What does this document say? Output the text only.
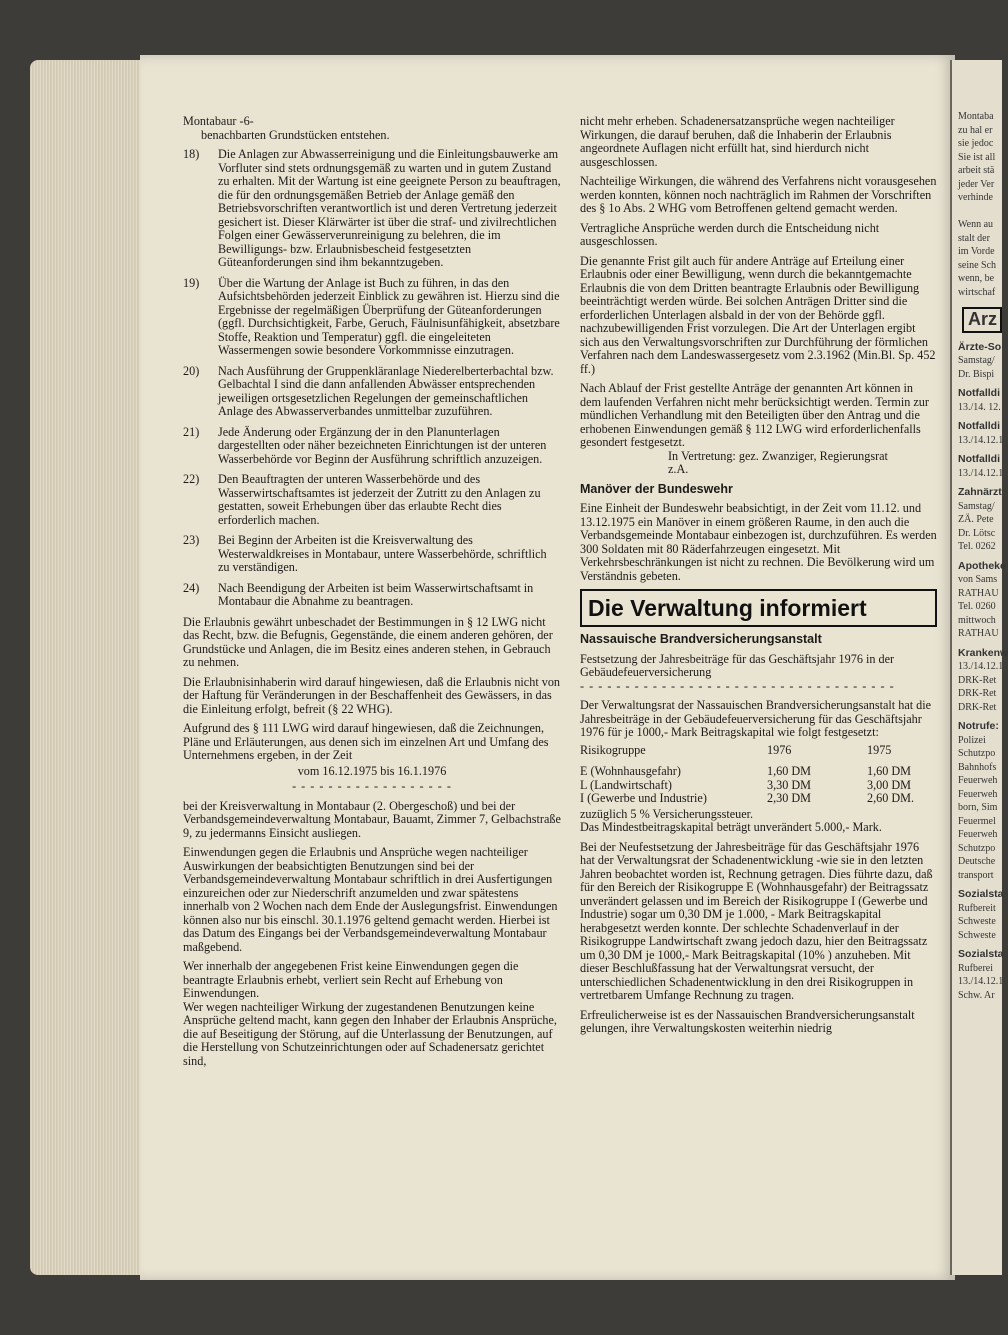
Montabaur -6-

benachbarten Grundstücken entstehen.

18)	Die Anlagen zur Abwasserreinigung und die Einleitungsbauwerke am Vorfluter sind stets ordnungsgemäß zu warten und in gutem Zustand zu erhalten. Mit der Wartung ist eine geeignete Person zu beauftragen, die für den ordnungsgemäßen Betrieb der Anlage gemäß den Betriebsvorschriften verantwortlich ist und deren Vertretung jederzeit gesichert ist. Dieser Klärwärter ist über die straf- und zivilrechtlichen Folgen einer Gewässerverunreinigung zu belehren, die im Bewilligungs- bzw. Erlaubnisbescheid festgesetzten Güteanforderungen sind ihm bekanntzugeben.
19)	Über die Wartung der Anlage ist Buch zu führen, in das den Aufsichtsbehörden jederzeit Einblick zu gewähren ist. Hierzu sind die Ergebnisse der regelmäßigen Überprüfung der Güteanforderungen (ggfl. Durchsichtigkeit, Farbe, Geruch, Fäulnisunfähigkeit, absetzbare Stoffe, Reaktion und Temperatur) ggfl. die eingeleiteten Wassermengen sowie besondere Vorkommnisse einzutragen.
20)	Nach Ausführung der Gruppenkläranlage Niederelberterbachtal bzw. Gelbachtal I sind die dann anfallenden Abwässer entsprechenden jeweiligen ortsgesetzlichen Regelungen der gemeinschaftlichen Anlage des Abwasserverbandes unmittelbar zuzuführen.
21)	Jede Änderung oder Ergänzung der in den Planunterlagen dargestellten oder näher bezeichneten Einrichtungen ist der unteren Wasserbehörde vor Beginn der Ausführung schriftlich anzuzeigen.
22)	Den Beauftragten der unteren Wasserbehörde und des Wasserwirtschaftsamtes ist jederzeit der Zutritt zu den Anlagen zu gestatten, soweit Erhebungen über das erlaubte Recht dies erforderlich machen.
23)	Bei Beginn der Arbeiten ist die Kreisverwaltung des Westerwaldkreises in Montabaur, untere Wasserbehörde, schriftlich zu verständigen.
24)	Nach Beendigung der Arbeiten ist beim Wasserwirtschaftsamt in Montabaur die Abnahme zu beantragen.

Die Erlaubnis gewährt unbeschadet der Bestimmungen in § 12 LWG nicht das Recht, bzw. die Befugnis, Gegenstände, die einem anderen gehören, der Grundstücke und Anlagen, die im Besitz eines anderen stehen, in Gebrauch zu nehmen.

Die Erlaubnisinhaberin wird darauf hingewiesen, daß die Erlaubnis nicht von der Haftung für Veränderungen in der Beschaffenheit des Gewässers, in das die Einleitung erfolgt, befreit (§ 22 WHG).

Aufgrund des § 111 LWG wird darauf hingewiesen, daß die Zeichnungen, Pläne und Erläuterungen, aus denen sich im einzelnen Art und Umfang des Unternehmens ergeben, in der Zeit

vom 16.12.1975 bis 16.1.1976

- - - - - - - - - - - - - - - - - -

bei der Kreisverwaltung in Montabaur (2. Obergeschoß) und bei der Verbandsgemeindeverwaltung Montabaur, Bauamt, Zimmer 7, Gelbachstraße 9, zu jedermanns Einsicht ausliegen.

Einwendungen gegen die Erlaubnis und Ansprüche wegen nachteiliger Auswirkungen der beabsichtigten Benutzungen sind bei der Verbandsgemeindeverwaltung Montabaur schriftlich in drei Ausfertigungen einzureichen oder zur Niederschrift anzumelden und zwar spätestens innerhalb von 2 Wochen nach dem Ende der Auslegungsfrist. Einwendungen können also nur bis einschl. 30.1.1976 geltend gemacht werden. Hierbei ist das Datum des Eingangs bei der Verbandsgemeindeverwaltung Montabaur maßgebend.

Wer innerhalb der angegebenen Frist keine Einwendungen gegen die beantragte Erlaubnis erhebt, verliert sein Recht auf Erhebung von Einwendungen.

Wer wegen nachteiliger Wirkung der zugestandenen Benutzungen keine Ansprüche geltend macht, kann gegen den Inhaber der Erlaubnis Ansprüche, die auf Beseitigung der Störung, auf die Unterlassung der Benutzungen, auf die Herstellung von Schutzeinrichtungen oder auf Schadenersatz gerichtet sind,

nicht mehr erheben. Schadenersatzansprüche wegen nachteiliger Wirkungen, die darauf beruhen, daß die Inhaberin der Erlaubnis angeordnete Auflagen nicht erfüllt hat, sind hierdurch nicht ausgeschlossen.

Nachteilige Wirkungen, die während des Verfahrens nicht vorausgesehen werden konnten, können noch nachträglich im Rahmen der Vorschriften des § 1o Abs. 2 WHG vom Betroffenen geltend gemacht werden.

Vertragliche Ansprüche werden durch die Entscheidung nicht ausgeschlossen.

Die genannte Frist gilt auch für andere Anträge auf Erteilung einer Erlaubnis oder einer Bewilligung, wenn durch die bekanntgemachte Erlaubnis die von dem Dritten beantragte Erlaubnis oder Bewilligung beeinträchtigt werden würde. Bei solchen Anträgen Dritter sind die erforderlichen Unterlagen alsbald in der von der Behörde ggfl. nachzubewilligenden Frist vorzulegen. Die Art der Unterlagen ergibt sich aus den Verwaltungsvorschriften zur Durchführung der förmlichen Verfahren nach dem Landeswassergesetz vom 2.3.1962 (Min.Bl. Sp. 452 ff.)

Nach Ablauf der Frist gestellte Anträge der genannten Art können in dem laufenden Verfahren nicht mehr berücksichtigt werden. Termin zur mündlichen Verhandlung mit den Beteiligten über den Antrag und die erhobenen Einwendungen gemäß § 112 LWG wird erforderlichenfalls gesondert festgesetzt.

In Vertretung: gez. Zwanziger, Regierungsrat

z.A.

Manöver der Bundeswehr

Eine Einheit der Bundeswehr beabsichtigt, in der Zeit vom 11.12. und 13.12.1975 ein Manöver in einem größeren Raume, in den auch die Verbandsgemeinde Montabaur einbezogen ist, durchzuführen. Es werden 300 Soldaten mit 80 Räderfahrzeugen eingesetzt. Mit Verkehrsbeschränkungen ist nicht zu rechnen. Die Bevölkerung wird um Verständnis gebeten.

Die Verwaltung informiert

Nassauische Brandversicherungsanstalt

Festsetzung der Jahresbeiträge für das Geschäftsjahr 1976 in der Gebäudefeuerversicherung

- - - - - - - - - - - - - - - - - - - - - - - - - - - - - - - - - - -

Der Verwaltungsrat der Nassauischen Brandversicherungsanstalt hat die Jahresbeiträge in der Gebäudefeuerversicherung für das Geschäftsjahr 1976 für je 1000,- Mark Beitragskapital wie folgt festgesetzt:

Risikogruppe	1976	1975

E (Wohnhausgefahr)	1,60 DM	1,60 DM
L (Landwirtschaft)	3,30 DM	3,00 DM
I (Gewerbe und Industrie)	2,30 DM	2,60 DM.

zuzüglich 5 % Versicherungssteuer.

Das Mindestbeitragskapital beträgt unverändert 5.000,- Mark.

Bei der Neufestsetzung der Jahresbeiträge für das Geschäftsjahr 1976 hat der Verwaltungsrat der Schadenentwicklung -wie sie in den letzten Jahren beobachtet worden ist, Rechnung getragen. Dies führte dazu, daß für den Bereich der Risikogruppe E (Wohnhausgefahr) der Beitragssatz unverändert gelassen und im Bereich der Risikogruppe I (Gewerbe und Industrie) sogar um 0,30 DM je 1.000, - Mark Beitragskapital herabgesetzt werden konnte. Der schlechte Schadenverlauf in der Risikogruppe Landwirtschaft zwang jedoch dazu, hier den Beitragssatz um 0,30 DM je 1000,- Mark Beitragskapital (10% ) anzuheben. Mit dieser Beschlußfassung hat der Verwaltungsrat versucht, der unterschiedlichen Schadenentwicklung in den drei Risikogruppen in vertretbarem Umfange Rechnung zu tragen.

Erfreulicherweise ist es der Nassauischen Brandversicherungsanstalt gelungen, ihre Verwaltungskosten weiterhin niedrig

Montaba
zu hal er
sie jedoc
Sie ist all
arbeit stä
jeder Ver
verhinde
Wenn au
stalt der
im Vorde
seine Sch
wenn, be
wirtschaf
Arz
Ärzte-So
Samstag/
Dr. Bispi
Notfalldi
13./14. 12.
Notfalldi
13./14.12.1
Notfalldi
13./14.12.1
Zahnärzt
Samstag/
ZÄ. Pete
Dr. Lötsc
Tel. 0262
Apotheke
von Sams
RATHAU
Tel. 0260
mittwoch
RATHAU
Krankenw
13./14.12.1
DRK-Ret
DRK-Ret
DRK-Ret
Notrufe:
Polizei
Schutzpo
Bahnhofs
Feuerweh
Feuerweh
born, Sim
Feuermel
Feuerweh
Schutzpo
Deutsche
transport
Sozialsta
Rufbereit
Schweste
Schweste
Sozialsta
Rufberei
13./14.12.1
Schw. Ar
